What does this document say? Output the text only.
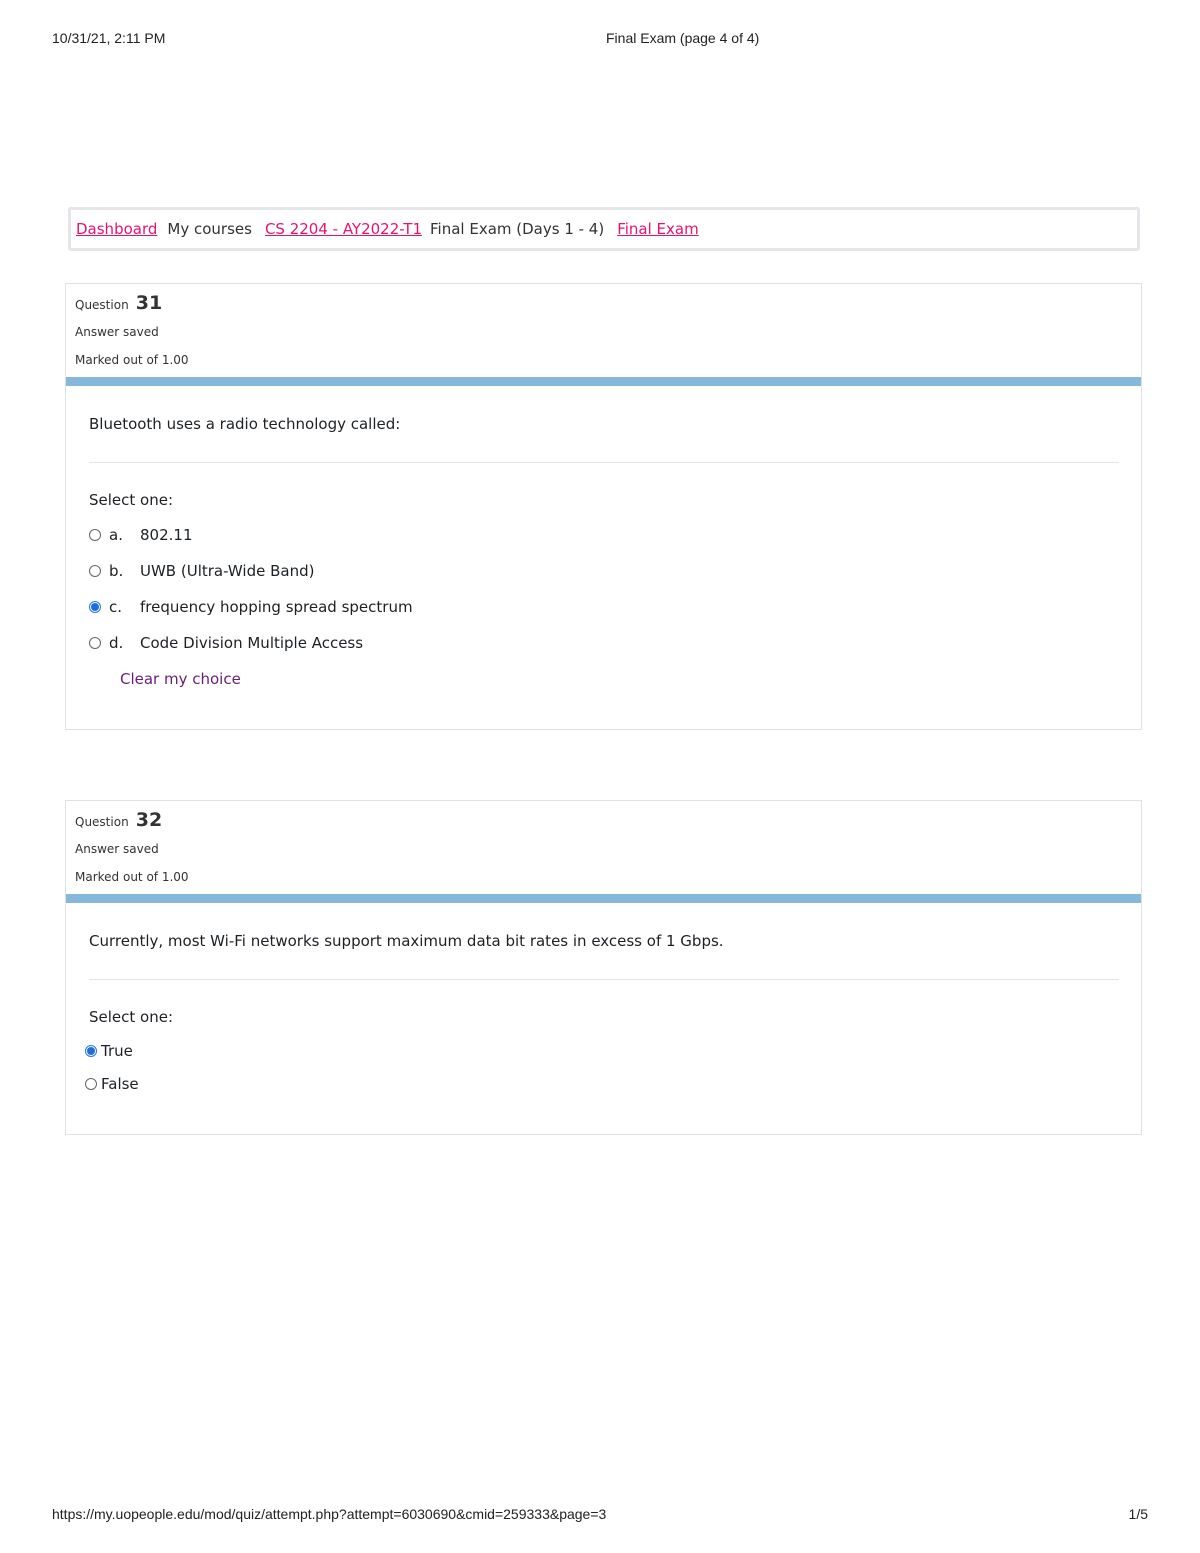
10/31/21, 2:11 PM	Final Exam (page 4 of 4)
Dashboard My courses CS 2204 - AY2022-T1 Final Exam (Days 1 - 4) Final Exam
Question 31
Answer saved
Marked out of 1.00
Bluetooth uses a radio technology called:
Select one:
a.	802.11
b.	UWB (Ultra-Wide Band)
c.	frequency hopping spread spectrum
d.	Code Division Multiple Access
Clear my choice
Question 32
Answer saved
Marked out of 1.00
Currently, most Wi-Fi networks support maximum data bit rates in excess of 1 Gbps.
Select one:
True
False
https://my.uopeople.edu/mod/quiz/attempt.php?attempt=6030690&cmid=259333&page=3	1/5
